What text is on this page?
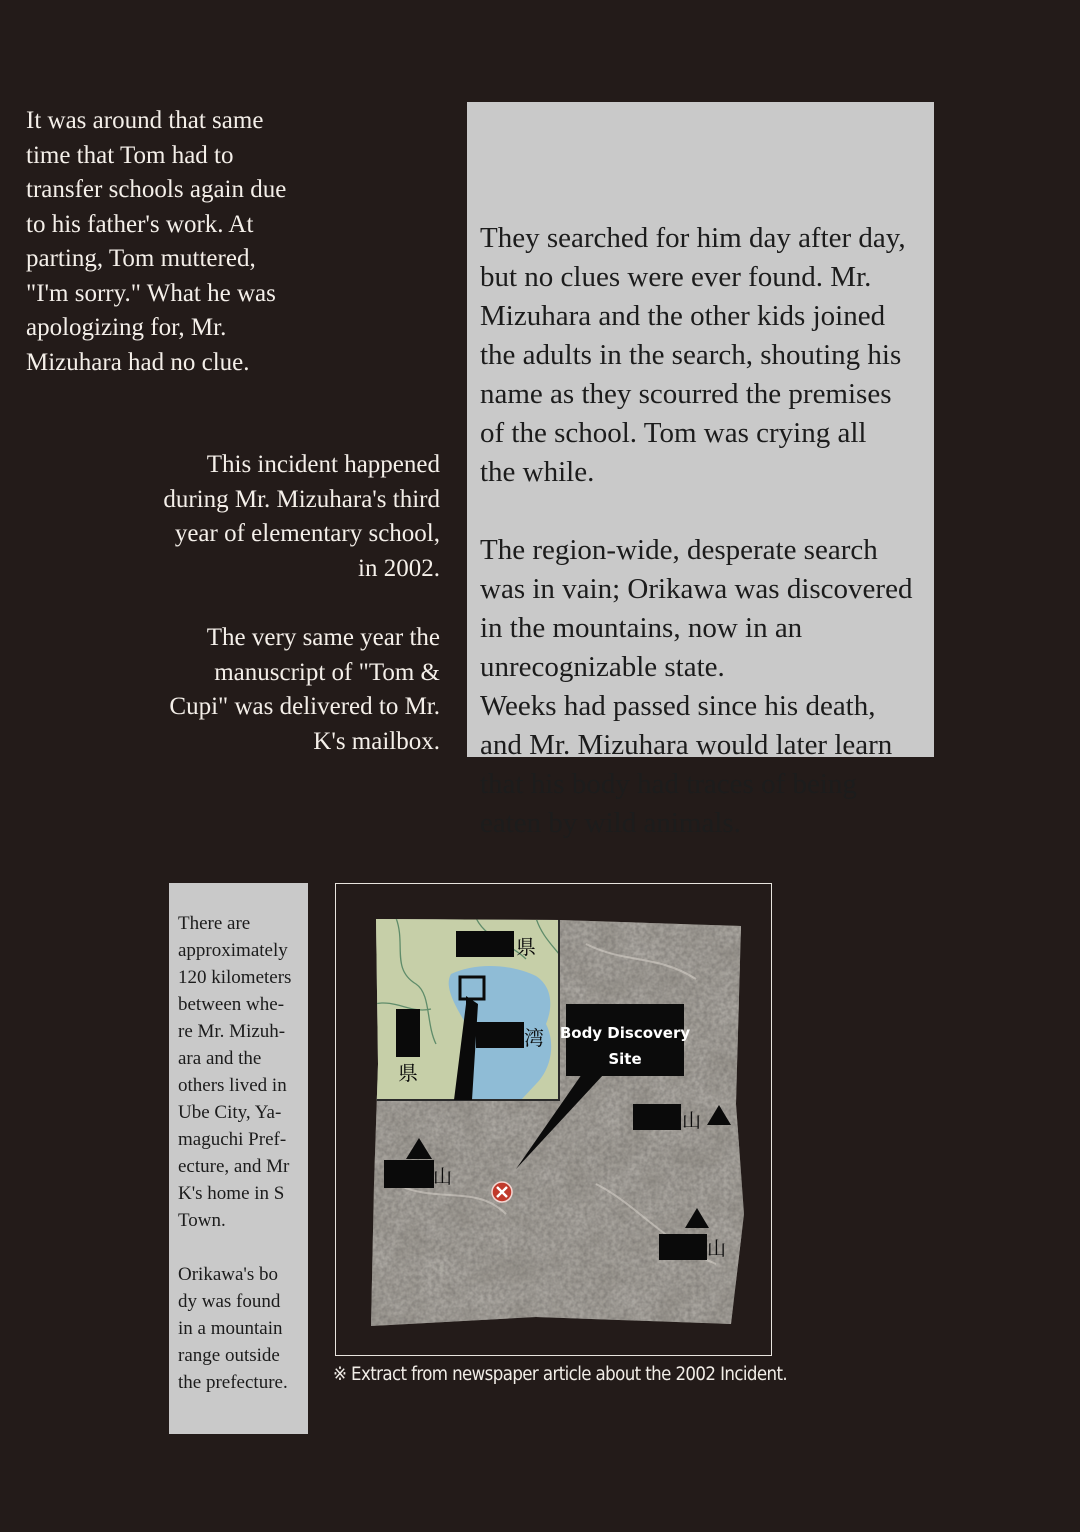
It was around that same
time that Tom had to
transfer schools again due
to his father's work. At
parting, Tom muttered,
"I'm sorry." What he was
apologizing for, Mr.
Mizuhara had no clue.
This incident happened
during Mr. Mizuhara's third
year of elementary school,
in 2002.
The very same year the
manuscript of "Tom &
Cupi" was delivered to Mr.
K's mailbox.
They searched for him day after day,
but no clues were ever found. Mr.
Mizuhara and the other kids joined
the adults in the search, shouting his
name as they scourred the premises
of the school. Tom was crying all
the while.
The region-wide, desperate search
was in vain; Orikawa was discovered
in the mountains, now in an
unrecognizable state.
Weeks had passed since his death,
and Mr. Mizuhara would later learn
that his body had traces of being
eaten by wild animals.
There are
approximately
120 kilometers
between whe-
re Mr. Mizuh-
ara and the
others lived in
Ube City, Ya-
maguchi Pref-
ecture, and Mr
K's home in S
Town.
Orikawa's bo
dy was found
in a mountain
range outside
the prefecture.
県
湾
県
Body Discovery
Site
山
山
山
※ Extract from newspaper article about the 2002 Incident.
